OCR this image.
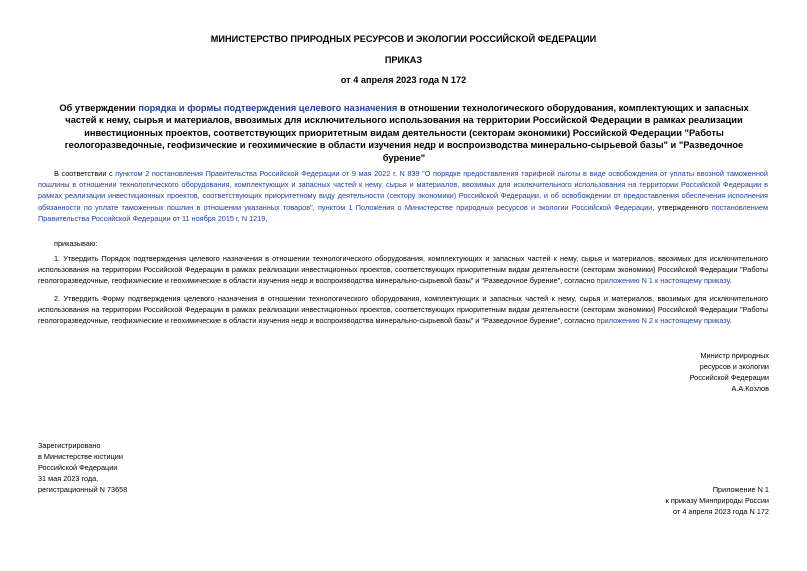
МИНИСТЕРСТВО ПРИРОДНЫХ РЕСУРСОВ И ЭКОЛОГИИ РОССИЙСКОЙ ФЕДЕРАЦИИ
ПРИКАЗ
от 4 апреля 2023 года N 172
Об утверждении порядка и формы подтверждения целевого назначения в отношении технологического оборудования, комплектующих и запасных частей к нему, сырья и материалов, ввозимых для исключительного использования на территории Российской Федерации в рамках реализации инвестиционных проектов, соответствующих приоритетным видам деятельности (секторам экономики) Российской Федерации "Работы геологоразведочные, геофизические и геохимические в области изучения недр и воспроизводства минерально-сырьевой базы" и "Разведочное бурение"
В соответствии с пунктом 2 постановления Правительства Российской Федерации от 9 мая 2022 г. N 839 "О порядке предоставления тарифной льготы в виде освобождения от уплаты ввозной таможенной пошлины в отношении технологического оборудования, комплектующих и запасных частей к нему, сырья и материалов, ввозимых для исключительного использования на территории Российской Федерации в рамках реализации инвестиционных проектов, соответствующих приоритетному виду деятельности (сектору экономики) Российской Федерации, и об освобождении от предоставления обеспечения исполнения обязанности по уплате таможенных пошлин в отношении указанных товаров", пунктом 1 Положения о Министерстве природных ресурсов и экологии Российской Федерации, утвержденного постановлением Правительства Российской Федерации от 11 ноября 2015 г. N 1219,
приказываю:
1. Утвердить Порядок подтверждения целевого назначения в отношении технологического оборудования, комплектующих и запасных частей к нему, сырья и материалов, ввозимых для исключительного использования на территории Российской Федерации в рамках реализации инвестиционных проектов, соответствующих приоритетным видам деятельности (секторам экономики) Российской Федерации "Работы геологоразведочные, геофизические и геохимические в области изучения недр и воспроизводства минерально-сырьевой базы" и "Разведочное бурение", согласно приложению N 1 к настоящему приказу.
2. Утвердить Форму подтверждения целевого назначения в отношении технологического оборудования, комплектующих и запасных частей к нему, сырья и материалов, ввозимых для исключительного использования на территории Российской Федерации в рамках реализации инвестиционных проектов, соответствующих приоритетным видам деятельности (секторам экономики) Российской Федерации "Работы геологоразведочные, геофизические и геохимические в области изучения недр и воспроизводства минерально-сырьевой базы" и "Разведочное бурение", согласно приложению N 2 к настоящему приказу.
Министр природных
ресурсов и экологии
Российской Федерации
А.А.Козлов
Зарегистрировано
в Министерстве юстиции
Российской Федерации
31 мая 2023 года,
регистрационный N 73658	Приложение N 1
к приказу Минприроды России
от 4 апреля 2023 года N 172
